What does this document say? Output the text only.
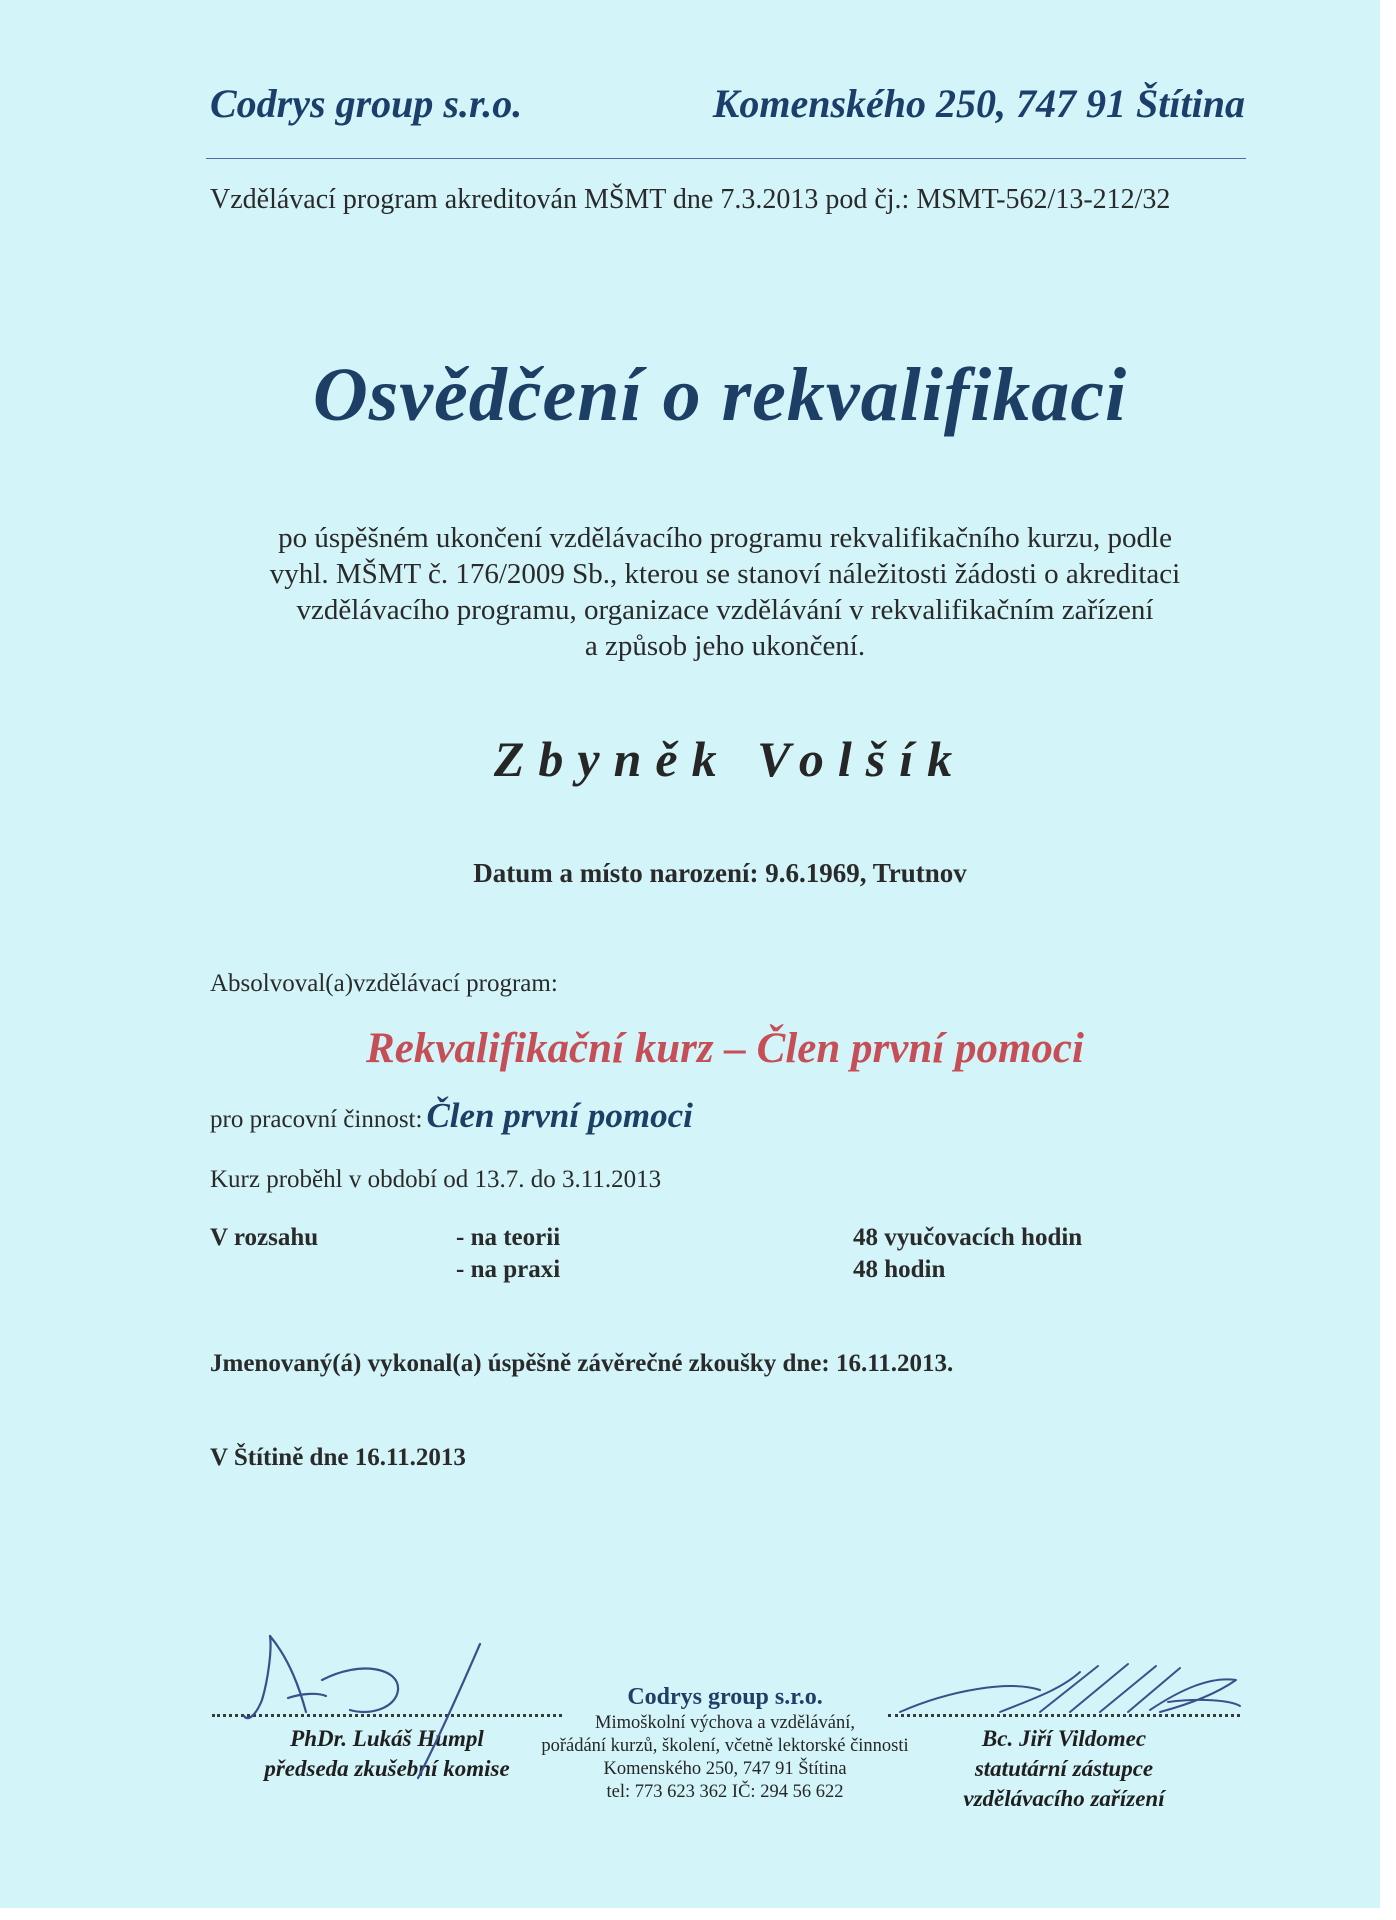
Codrys group s.r.o.	Komenského 250, 747 91 Štítina
Vzdělávací program akreditován MŠMT dne 7.3.2013 pod čj.: MSMT-562/13-212/32
Osvědčení o rekvalifikaci
po úspěšném ukončení vzdělávacího programu rekvalifikačního kurzu, podle
vyhl. MŠMT č. 176/2009 Sb., kterou se stanoví náležitosti žádosti o akreditaci
vzdělávacího programu, organizace vzdělávání v rekvalifikačním zařízení
a způsob jeho ukončení.
Zbyněk Volšík
Datum a místo narození: 9.6.1969, Trutnov
Absolvoval(a)vzdělávací program:
Rekvalifikační kurz – Člen první pomoci
pro pracovní činnost: Člen první pomoci
Kurz proběhl v období od 13.7. do 3.11.2013
V rozsahu	- na teorii
- na praxi
48 vyučovacích hodin
48 hodin
Jmenovaný(á) vykonal(a) úspěšně závěrečné zkoušky dne: 16.11.2013.
V Štítině dne 16.11.2013
PhDr. Lukáš Humpl
předseda zkušební komise
Bc. Jiří Vildomec
statutární zástupce
vzdělávacího zařízení
Codrys group s.r.o.
Mimoškolní výchova a vzdělávání,
pořádání kurzů, školení, včetně lektorské činnosti
Komenského 250, 747 91 Štítina
tel: 773 623 362 IČ: 294 56 622
